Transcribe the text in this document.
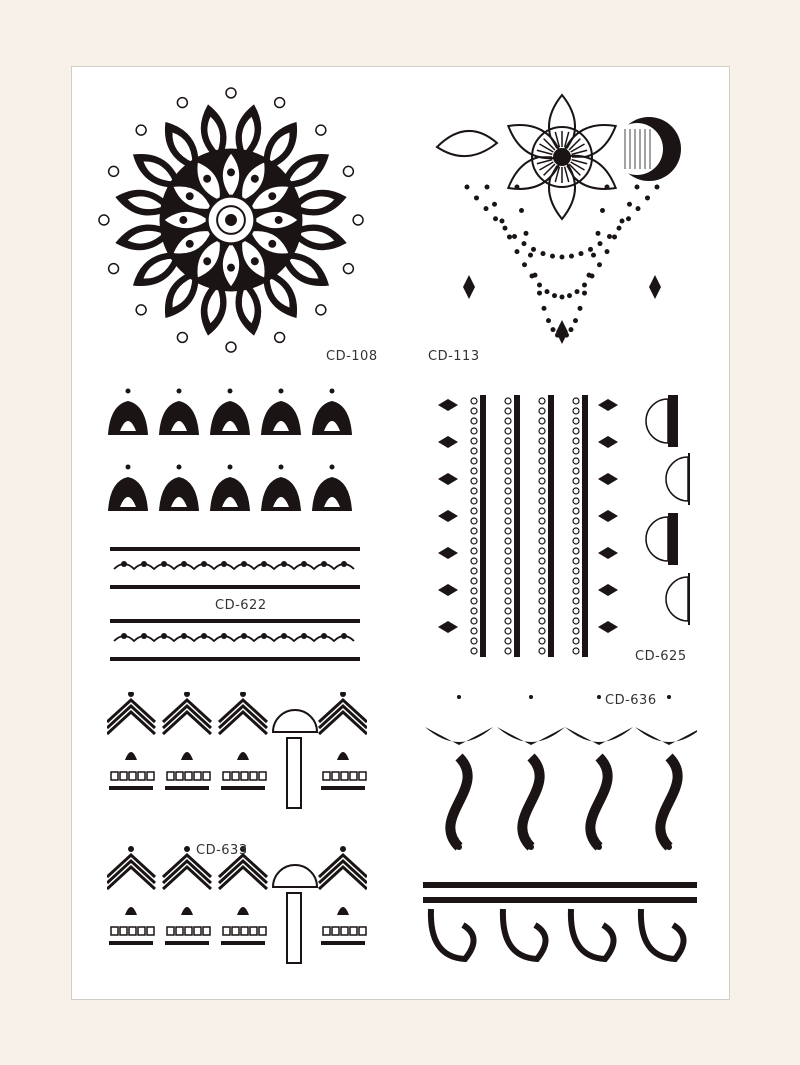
CD-108	CD-113
CD-622
CD-625
CD-633
CD-636
